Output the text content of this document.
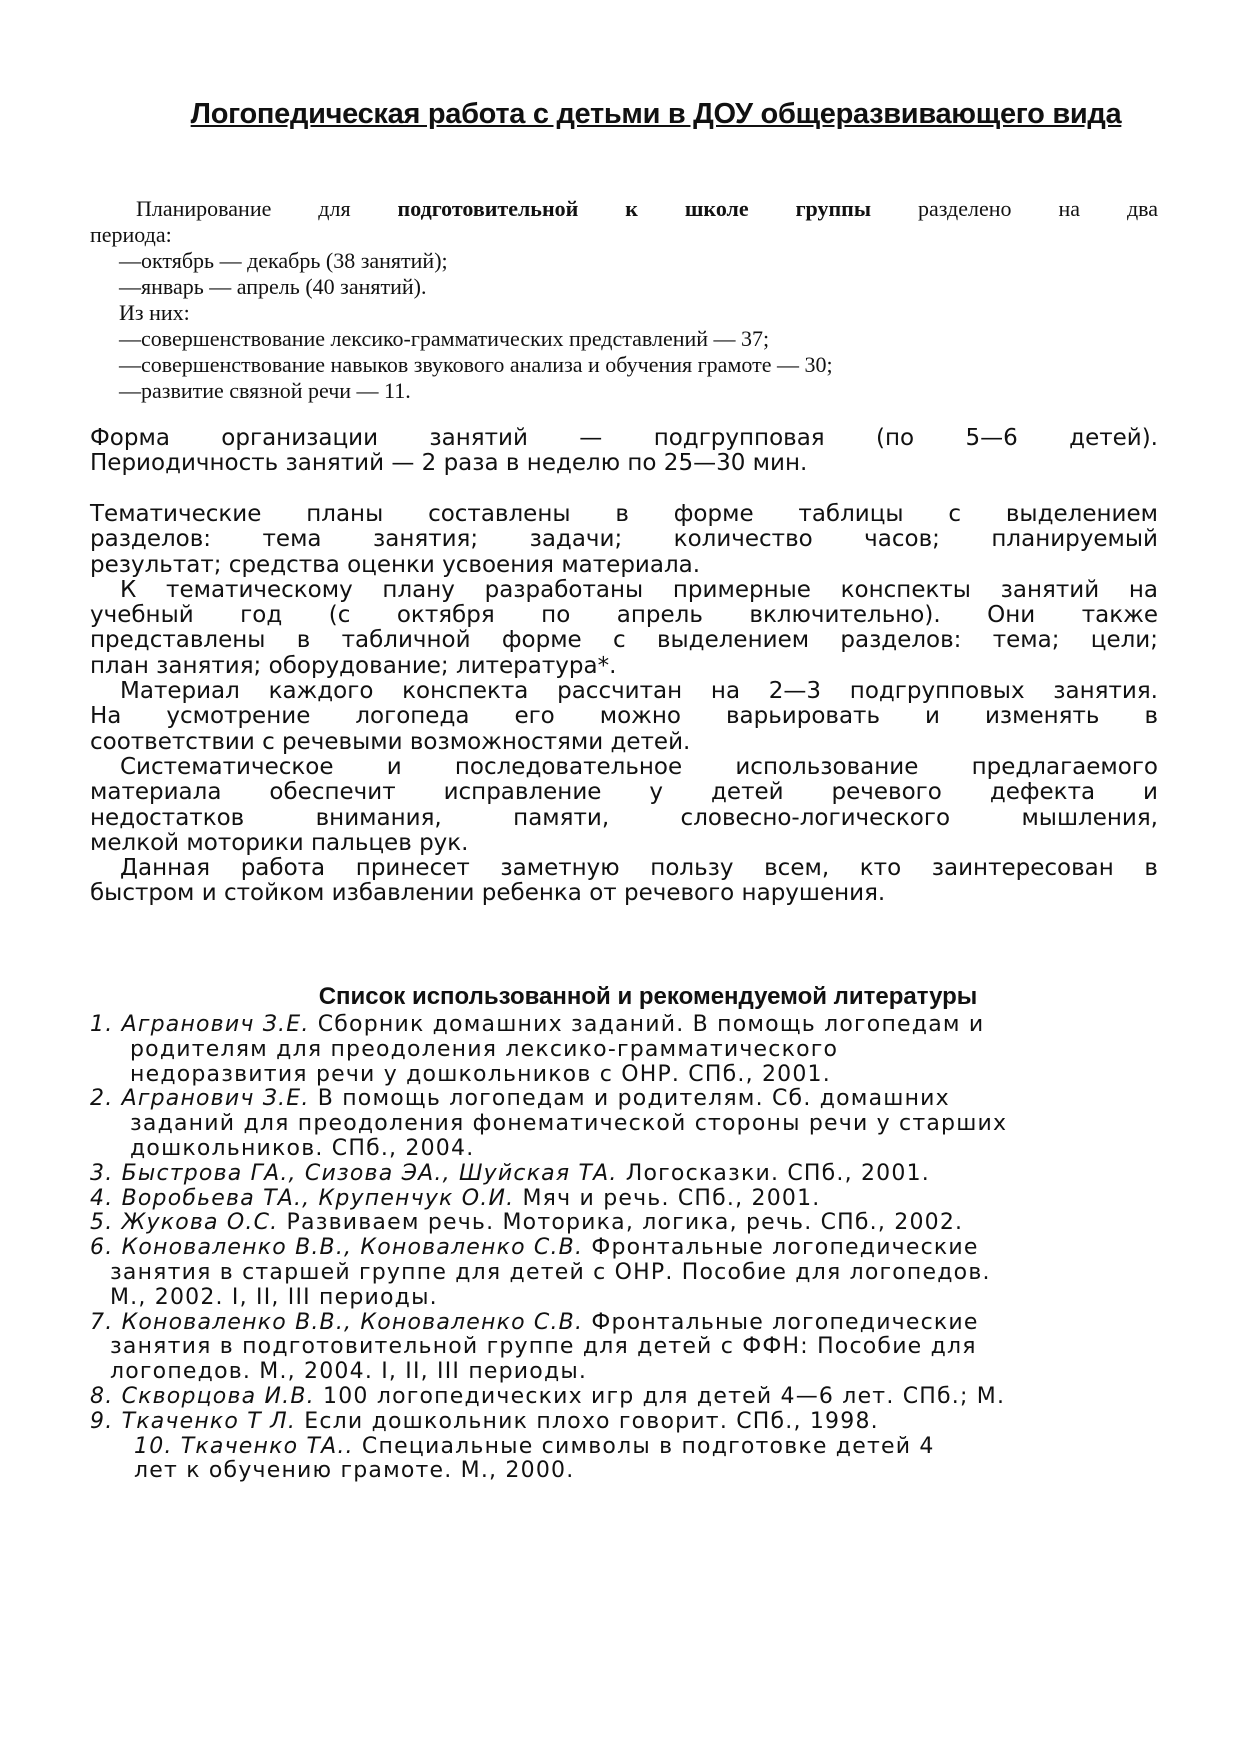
Логопедическая работа с детьми в ДОУ общеразвивающего вида
Планирование для подготовительной к школе группы разделено на два
периода:
—октябрь — декабрь (38 занятий);
—январь — апрель (40 занятий).
Из них:
—совершенствование лексико-грамматических представлений — 37;
—совершенствование навыков звукового анализа и обучения грамоте — 30;
—развитие связной речи — 11.
Форма организации занятий — подгрупповая (по 5—6 детей).
Периодичность занятий — 2 раза в неделю по 25—30 мин.
Тематические планы составлены в форме таблицы с выделением
разделов: тема занятия; задачи; количество часов; планируемый
результат; средства оценки усвоения материала.
К тематическому плану разработаны примерные конспекты занятий на
учебный год (с октября по апрель включительно). Они также
представлены в табличной форме с выделением разделов: тема; цели;
план занятия; оборудование; литература*.
Материал каждого конспекта рассчитан на 2—3 подгрупповых занятия.
На усмотрение логопеда его можно варьировать и изменять в
соответствии с речевыми возможностями детей.
Систематическое и последовательное использование предлагаемого
материала обеспечит исправление у детей речевого дефекта и
недостатков внимания, памяти, словесно-логического мышления,
мелкой моторики пальцев рук.
Данная работа принесет заметную пользу всем, кто заинтересован в
быстром и стойком избавлении ребенка от речевого нарушения.
Список использованной и рекомендуемой литературы
1. Агранович З.Е. Сборник домашних заданий. В помощь логопедам и
родителям для преодоления лексико-грамматического
недоразвития речи у дошкольников с ОНР. СПб., 2001.
2. Агранович З.Е. В помощь логопедам и родителям. Сб. домашних
заданий для преодоления фонематической стороны речи у старших
дошкольников. СПб., 2004.
3. Быстрова ГА., Сизова ЭА., Шуйская ТА. Логосказки. СПб., 2001.
4. Воробьева ТА., Крупенчук О.И. Мяч и речь. СПб., 2001.
5. Жукова О.С. Развиваем речь. Моторика, логика, речь. СПб., 2002.
6. Коноваленко В.В., Коноваленко С.В. Фронтальные логопедические
занятия в старшей группе для детей с ОНР. Пособие для логопедов.
М., 2002. I, II, III периоды.
7. Коноваленко В.В., Коноваленко С.В. Фронтальные логопедические
занятия в подготовительной группе для детей с ФФН: Пособие для
логопедов. М., 2004. I, II, III периоды.
8. Скворцова И.В. 100 логопедических игр для детей 4—6 лет. СПб.; М.
9. Ткаченко Т Л. Если дошкольник плохо говорит. СПб., 1998.
10. Ткаченко ТА.. Специальные символы в подготовке детей 4
лет к обучению грамоте. М., 2000.
